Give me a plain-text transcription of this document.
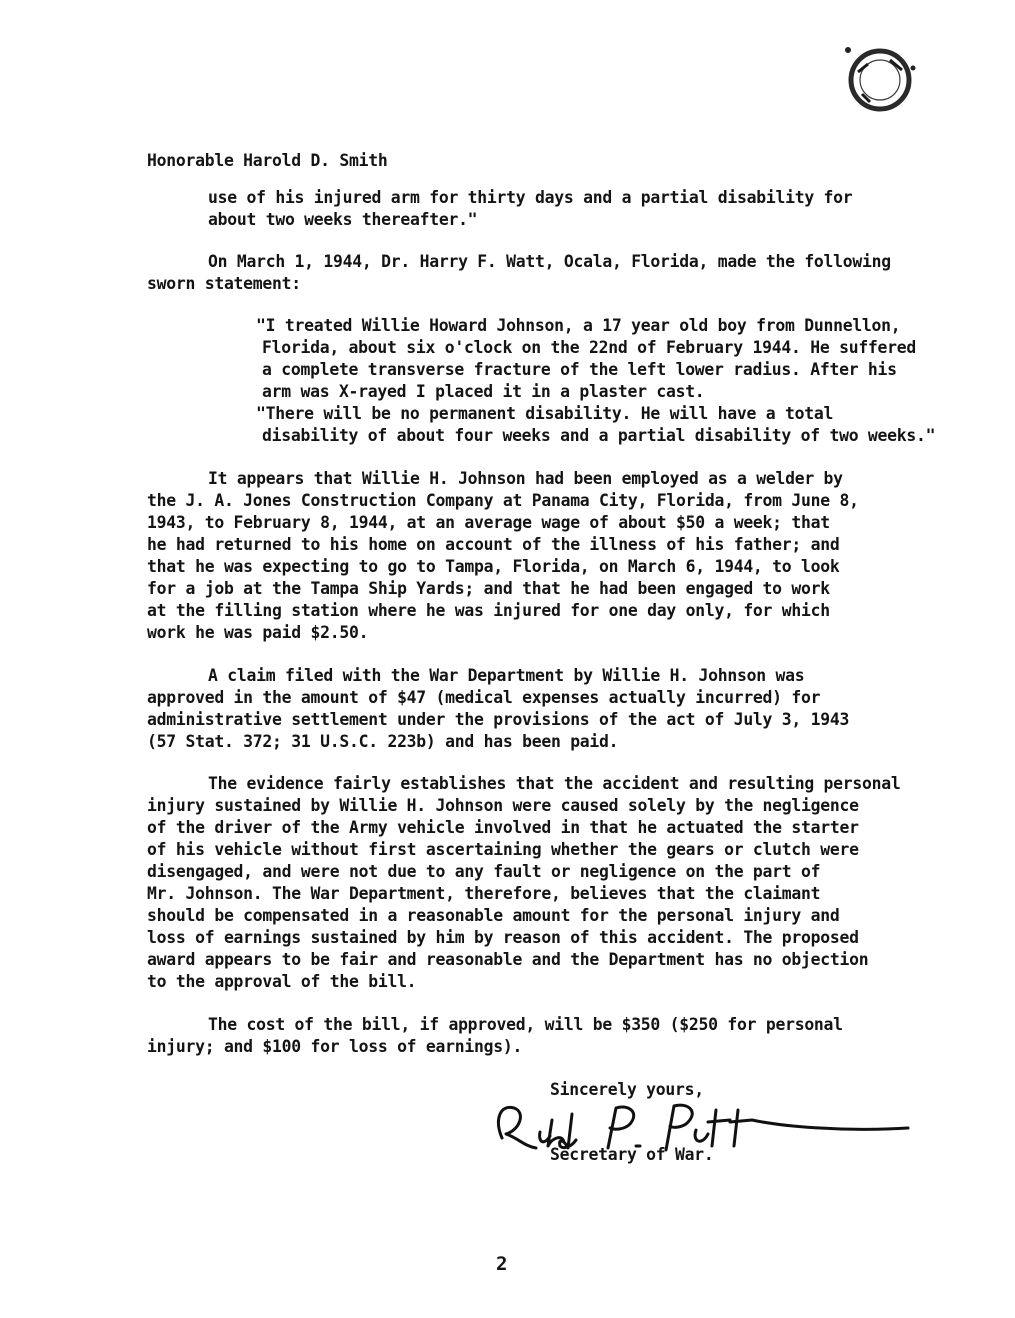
Honorable Harold D. Smith
use of his injured arm for thirty days and a partial disability for
about two weeks thereafter."
On March 1, 1944, Dr. Harry F. Watt, Ocala, Florida, made the following
sworn statement:
"I treated Willie Howard Johnson, a 17 year old boy from Dunnellon,
Florida, about six o'clock on the 22nd of February 1944. He suffered
a complete transverse fracture of the left lower radius. After his
arm was X-rayed I placed it in a plaster cast.
"There will be no permanent disability. He will have a total
disability of about four weeks and a partial disability of two weeks."
It appears that Willie H. Johnson had been employed as a welder by
the J. A. Jones Construction Company at Panama City, Florida, from June 8,
1943, to February 8, 1944, at an average wage of about $50 a week; that
he had returned to his home on account of the illness of his father; and
that he was expecting to go to Tampa, Florida, on March 6, 1944, to look
for a job at the Tampa Ship Yards; and that he had been engaged to work
at the filling station where he was injured for one day only, for which
work he was paid $2.50.
A claim filed with the War Department by Willie H. Johnson was
approved in the amount of $47 (medical expenses actually incurred) for
administrative settlement under the provisions of the act of July 3, 1943
(57 Stat. 372; 31 U.S.C. 223b) and has been paid.
The evidence fairly establishes that the accident and resulting personal
injury sustained by Willie H. Johnson were caused solely by the negligence
of the driver of the Army vehicle involved in that he actuated the starter
of his vehicle without first ascertaining whether the gears or clutch were
disengaged, and were not due to any fault or negligence on the part of
Mr. Johnson. The War Department, therefore, believes that the claimant
should be compensated in a reasonable amount for the personal injury and
loss of earnings sustained by him by reason of this accident. The proposed
award appears to be fair and reasonable and the Department has no objection
to the approval of the bill.
The cost of the bill, if approved, will be $350 ($250 for personal
injury; and $100 for loss of earnings).
Sincerely yours,
Secretary of War.
2
